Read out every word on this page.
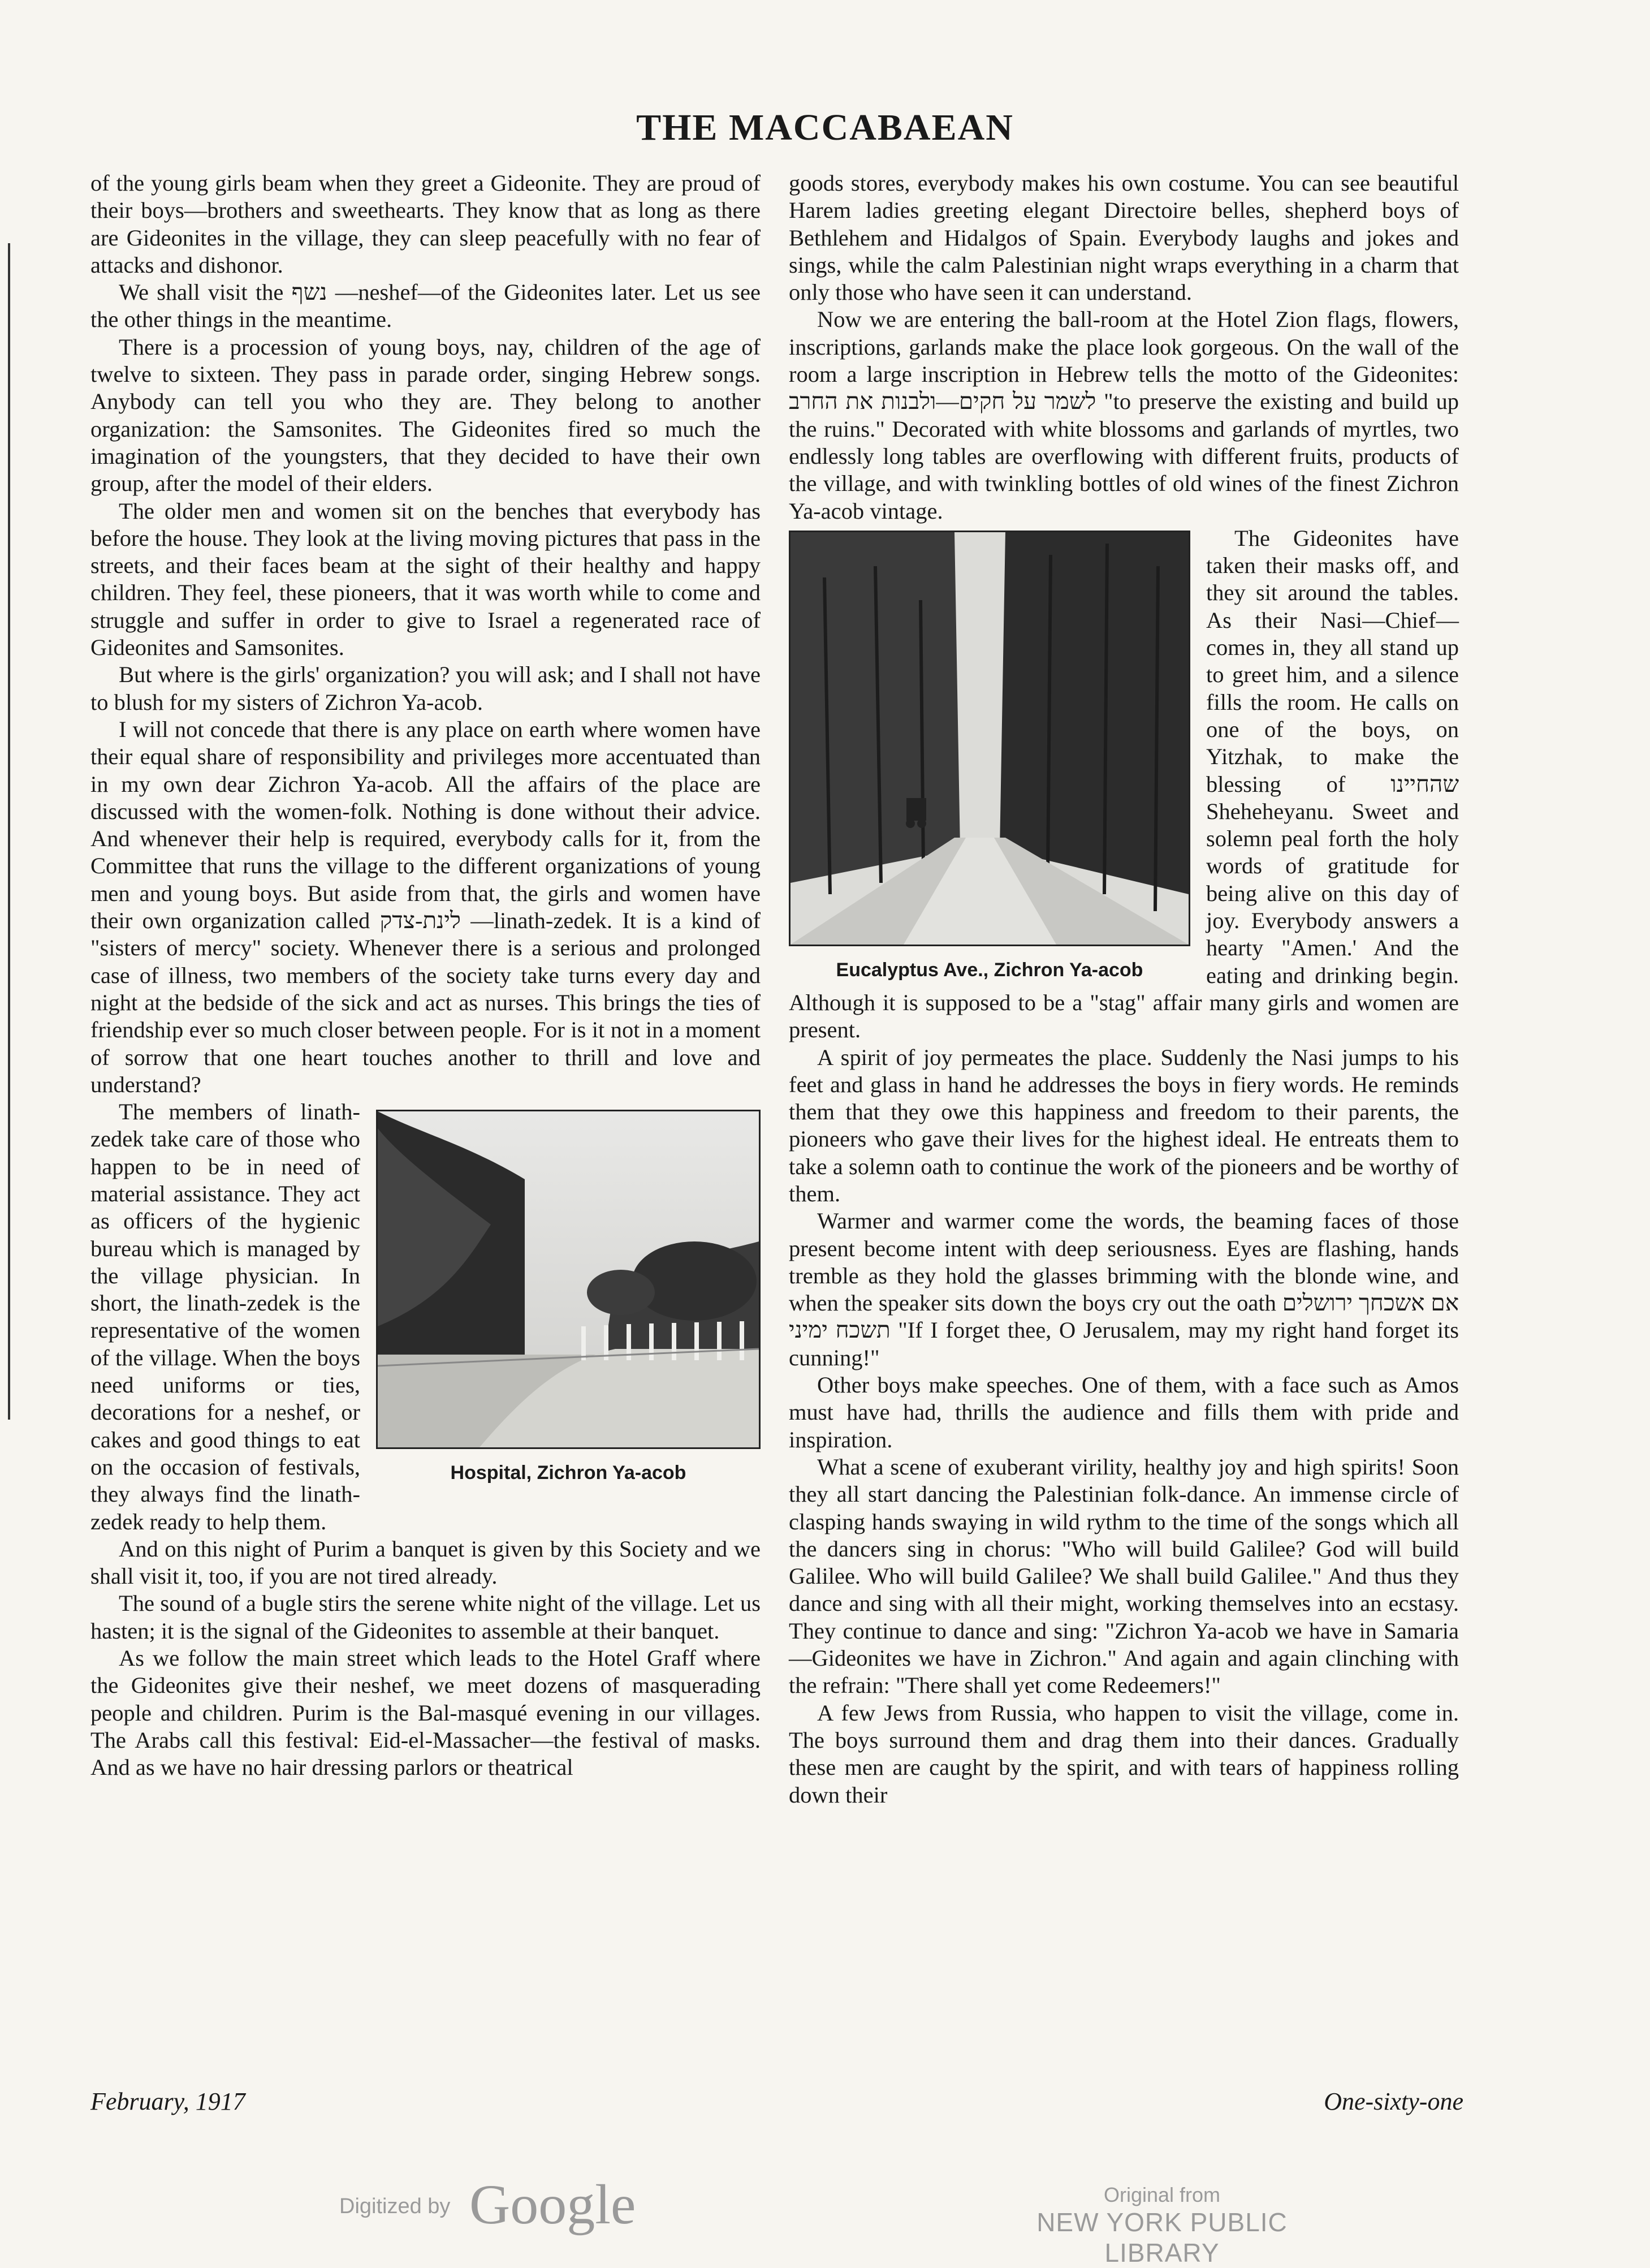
THE MACCABAEAN

of the young girls beam when they greet a Gideonite. They are proud of their boys—brothers and sweethearts. They know that as long as there are Gideonites in the village, they can sleep peacefully with no fear of attacks and dishonor.

We shall visit the נשף —neshef—of the Gideonites later. Let us see the other things in the meantime.

There is a procession of young boys, nay, children of the age of twelve to sixteen. They pass in parade order, singing Hebrew songs. Anybody can tell you who they are. They belong to another organization: the Samsonites. The Gideonites fired so much the imagination of the youngsters, that they decided to have their own group, after the model of their elders.

The older men and women sit on the benches that everybody has before the house. They look at the living moving pictures that pass in the streets, and their faces beam at the sight of their healthy and happy children. They feel, these pioneers, that it was worth while to come and struggle and suffer in order to give to Israel a regenerated race of Gideonites and Samsonites.

But where is the girls' organization? you will ask; and I shall not have to blush for my sisters of Zichron Ya-acob.

I will not concede that there is any place on earth where women have their equal share of responsibility and privileges more accentuated than in my own dear Zichron Ya-acob. All the affairs of the place are discussed with the women-folk. Nothing is done without their advice. And whenever their help is required, everybody calls for it, from the Committee that runs the village to the different organizations of young men and young boys. But aside from that, the girls and women have their own organization called לינת-צדק —linath-zedek. It is a kind of "sisters of mercy" society. Whenever there is a serious and prolonged case of illness, two members of the society take turns every day and night at the bedside of the sick and act as nurses. This brings the ties of friendship ever so much closer between people. For is it not in a moment of sorrow that one heart touches another to thrill and love and understand?

Hospital, Zichron Ya-acob

The members of linath-zedek take care of those who happen to be in need of material assistance. They act as officers of the hygienic bureau which is managed by the village physician. In short, the linath-zedek is the representative of the women of the village. When the boys need uniforms or ties, decorations for a neshef, or cakes and good things to eat on the occasion of festivals, they always find the linath-zedek ready to help them.

And on this night of Purim a banquet is given by this Society and we shall visit it, too, if you are not tired already.

The sound of a bugle stirs the serene white night of the village. Let us hasten; it is the signal of the Gideonites to assemble at their banquet.

As we follow the main street which leads to the Hotel Graff where the Gideonites give their neshef, we meet dozens of masquerading people and children. Purim is the Bal-masqué evening in our villages. The Arabs call this festival: Eid-el-Massacher—the festival of masks. And as we have no hair dressing parlors or theatrical

goods stores, everybody makes his own costume. You can see beautiful Harem ladies greeting elegant Directoire belles, shepherd boys of Bethlehem and Hidalgos of Spain. Everybody laughs and jokes and sings, while the calm Palestinian night wraps everything in a charm that only those who have seen it can understand.

Now we are entering the ball-room at the Hotel Zion flags, flowers, inscriptions, garlands make the place look gorgeous. On the wall of the room a large inscription in Hebrew tells the motto of the Gideonites: לשמר על חקים—ולבנות את החרב "to preserve the existing and build up the ruins." Decorated with white blossoms and garlands of myrtles, two endlessly long tables are overflowing with different fruits, products of the village, and with twinkling bottles of old wines of the finest Zichron Ya-acob vintage.

Eucalyptus Ave., Zichron Ya-acob

The Gideonites have taken their masks off, and they sit around the tables. As their Nasi—Chief—comes in, they all stand up to greet him, and a silence fills the room. He calls on one of the boys, on Yitzhak, to make the blessing of שהחיינו Sheheheyanu. Sweet and solemn peal forth the holy words of gratitude for being alive on this day of joy. Everybody answers a hearty "Amen.' And the eating and drinking begin. Although it is supposed to be a "stag" affair many girls and women are present.

A spirit of joy permeates the place. Suddenly the Nasi jumps to his feet and glass in hand he addresses the boys in fiery words. He reminds them that they owe this happiness and freedom to their parents, the pioneers who gave their lives for the highest ideal. He entreats them to take a solemn oath to continue the work of the pioneers and be worthy of them.

Warmer and warmer come the words, the beaming faces of those present become intent with deep seriousness. Eyes are flashing, hands tremble as they hold the glasses brimming with the blonde wine, and when the speaker sits down the boys cry out the oath אם אשכחך ירושלים תשכח ימיני "If I forget thee, O Jerusalem, may my right hand forget its cunning!"

Other boys make speeches. One of them, with a face such as Amos must have had, thrills the audience and fills them with pride and inspiration.

What a scene of exuberant virility, healthy joy and high spirits! Soon they all start dancing the Palestinian folk-dance. An immense circle of clasping hands swaying in wild rythm to the time of the songs which all the dancers sing in chorus: "Who will build Galilee? God will build Galilee. Who will build Galilee? We shall build Galilee." And thus they dance and sing with all their might, working themselves into an ecstasy. They continue to dance and sing: "Zichron Ya-acob we have in Samaria —Gideonites we have in Zichron." And again and again clinching with the refrain: "There shall yet come Redeemers!"

A few Jews from Russia, who happen to visit the village, come in. The boys surround them and drag them into their dances. Gradually these men are caught by the spirit, and with tears of happiness rolling down their

February, 1917	One-sixty-one
Digitized by Google	Original from
NEW YORK PUBLIC LIBRARY
